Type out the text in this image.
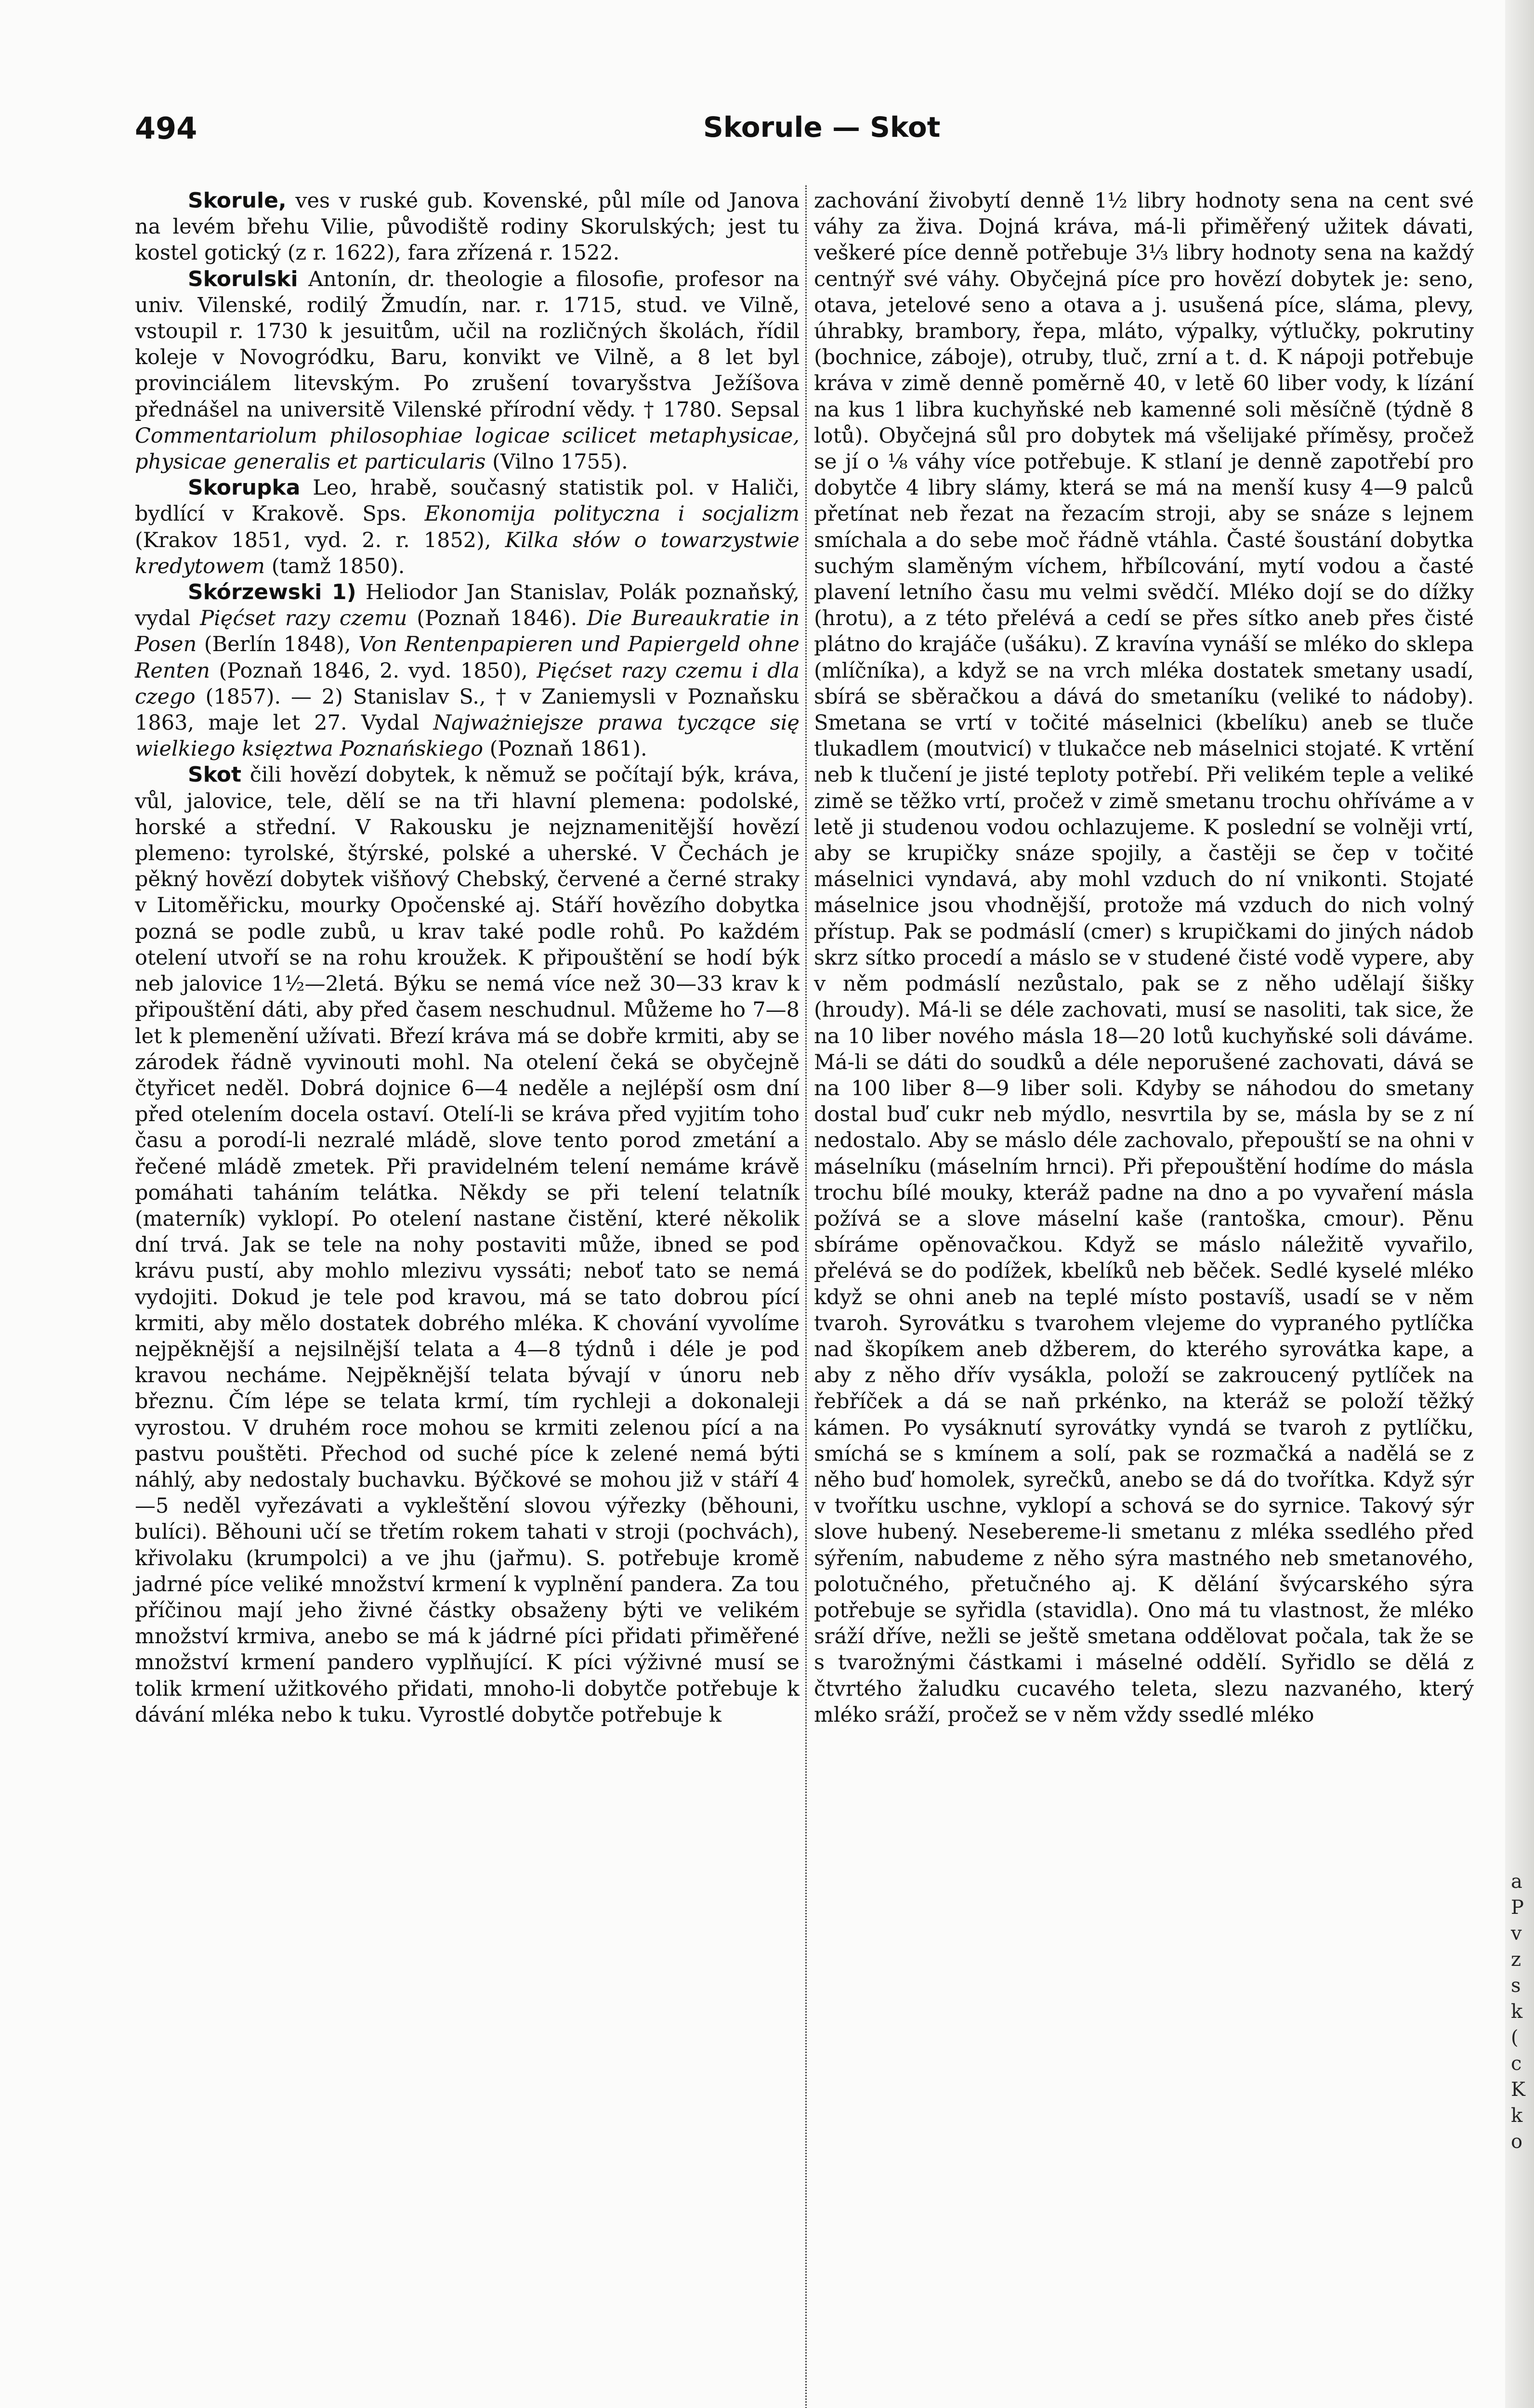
494	Skorule — Skot

Skorule, ves v ruské gub. Kovenské, půl míle od Janova na levém břehu Vilie, původiště rodiny Skorulských; jest tu kostel gotický (z r. 1622), fara zřízená r. 1522.

Skorulski Antonín, dr. theologie a filosofie, profesor na univ. Vilenské, rodilý Žmudín, nar. r. 1715, stud. ve Vilně, vstoupil r. 1730 k jesuitům, učil na rozličných školách, řídil koleje v Novogródku, Baru, konvikt ve Vilně, a 8 let byl provinciálem litevským. Po zrušení tovaryšstva Ježíšova přednášel na universitě Vilenské přírodní vědy. † 1780. Sepsal Commentariolum philosophiae logicae scilicet metaphysicae, physicae generalis et particularis (Vilno 1755).

Skorupka Leo, hrabě, současný statistik pol. v Haliči, bydlící v Krakově. Sps. Ekonomija polityczna i socjalizm (Krakov 1851, vyd. 2. r. 1852), Kilka słów o towarzystwie kredytowem (tamž 1850).

Skórzewski 1) Heliodor Jan Stanislav, Polák poznaňský, vydal Pięćset razy czemu (Poznaň 1846). Die Bureaukratie in Posen (Berlín 1848), Von Rentenpapieren und Papiergeld ohne Renten (Poznaň 1846, 2. vyd. 1850), Pięćset razy czemu i dla czego (1857). — 2) Stanislav S., † v Zaniemysli v Poznaňsku 1863, maje let 27. Vydal Najważniejsze prawa tyczące się wielkiego księztwa Poznańskiego (Poznaň 1861).

Skot čili hovězí dobytek, k němuž se počítají býk, kráva, vůl, jalovice, tele, dělí se na tři hlavní plemena: podolské, horské a střední. V Rakousku je nejznamenitější hovězí plemeno: tyrolské, štýrské, polské a uherské. V Čechách je pěkný hovězí dobytek višňový Chebský, červené a černé straky v Litoměřicku, mourky Opočenské aj. Stáří hovězího dobytka pozná se podle zubů, u krav také podle rohů. Po každém otelení utvoří se na rohu kroužek. K připouštění se hodí býk neb jalovice 1½—2letá. Býku se nemá více než 30—33 krav k připouštění dáti, aby před časem neschudnul. Můžeme ho 7—8 let k plemenění užívati. Březí kráva má se dobře krmiti, aby se zárodek řádně vyvinouti mohl. Na otelení čeká se obyčejně čtyřicet neděl. Dobrá dojnice 6—4 neděle a nejlépší osm dní před otelením docela ostaví. Otelí-li se kráva před vyjitím toho času a porodí-li nezralé mládě, slove tento porod zmetání a řečené mládě zmetek. Při pravidelném telení nemáme krávě pomáhati taháním telátka. Někdy se při telení telatník (materník) vyklopí. Po otelení nastane čistění, které několik dní trvá. Jak se tele na nohy postaviti může, ibned se pod krávu pustí, aby mohlo mlezivu vyssáti; neboť tato se nemá vydojiti. Dokud je tele pod kravou, má se tato dobrou pící krmiti, aby mělo dostatek dobrého mléka. K chování vyvolíme nejpěknější a nejsilnější telata a 4—8 týdnů i déle je pod kravou necháme. Nejpěknější telata bývají v únoru neb březnu. Čím lépe se telata krmí, tím rychleji a dokonaleji vyrostou. V druhém roce mohou se krmiti zelenou pící a na pastvu pouštěti. Přechod od suché píce k zelené nemá býti náhlý, aby nedostaly buchavku. Býčkové se mohou již v stáří 4—5 neděl vyřezávati a vykleštění slovou výřezky (běhouni, bulíci). Běhouni učí se třetím rokem tahati v stroji (pochvách), křivolaku (krumpolci) a ve jhu (jařmu). S. potřebuje kromě jadrné píce veliké množství krmení k vyplnění pandera. Za tou příčinou mají jeho živné částky obsaženy býti ve velikém množství krmiva, anebo se má k jádrné píci přidati přiměřené množství krmení pandero vyplňující. K píci výživné musí se tolik krmení užitkového přidati, mnoho-li dobytče potřebuje k dávání mléka nebo k tuku. Vyrostlé dobytče potřebuje k

zachování živobytí denně 1½ libry hodnoty sena na cent své váhy za živa. Dojná kráva, má-li přiměřený užitek dávati, veškeré píce denně potřebuje 3⅓ libry hodnoty sena na každý centnýř své váhy. Obyčejná píce pro hovězí dobytek je: seno, otava, jetelové seno a otava a j. usušená píce, sláma, plevy, úhrabky, brambory, řepa, mláto, výpalky, výtlučky, pokrutiny (bochnice, záboje), otruby, tluč, zrní a t. d. K nápoji potřebuje kráva v zimě denně poměrně 40, v letě 60 liber vody, k lízání na kus 1 libra kuchyňské neb kamenné soli měsíčně (týdně 8 lotů). Obyčejná sůl pro dobytek má všelijaké příměsy, pročež se jí o ⅛ váhy více potřebuje. K stlaní je denně zapotřebí pro dobytče 4 libry slámy, která se má na menší kusy 4—9 palců přetínat neb řezat na řezacím stroji, aby se snáze s lejnem smíchala a do sebe moč řádně vtáhla. Časté šoustání dobytka suchým slaměným víchem, hřbílcování, mytí vodou a časté plavení letního času mu velmi svědčí. Mléko dojí se do dížky (hrotu), a z této přelévá a cedí se přes sítko aneb přes čisté plátno do krajáče (ušáku). Z kravína vynáší se mléko do sklepa (mlíčníka), a když se na vrch mléka dostatek smetany usadí, sbírá se sběračkou a dává do smetaníku (veliké to nádoby). Smetana se vrtí v točité máselnici (kbelíku) aneb se tluče tlukadlem (moutvicí) v tlukačce neb máselnici stojaté. K vrtění neb k tlučení je jisté teploty potřebí. Při velikém teple a veliké zimě se těžko vrtí, pročež v zimě smetanu trochu ohříváme a v letě ji studenou vodou ochlazujeme. K poslední se volněji vrtí, aby se krupičky snáze spojily, a častěji se čep v točité máselnici vyndavá, aby mohl vzduch do ní vnikonti. Stojaté máselnice jsou vhodnější, protože má vzduch do nich volný přístup. Pak se podmáslí (cmer) s krupičkami do jiných nádob skrz sítko procedí a máslo se v studené čisté vodě vypere, aby v něm podmáslí nezůstalo, pak se z něho udělají šišky (hroudy). Má-li se déle zachovati, musí se nasoliti, tak sice, že na 10 liber nového másla 18—20 lotů kuchyňské soli dáváme. Má-li se dáti do soudků a déle neporušené zachovati, dává se na 100 liber 8—9 liber soli. Kdyby se náhodou do smetany dostal buď cukr neb mýdlo, nesvrtila by se, másla by se z ní nedostalo. Aby se máslo déle zachovalo, přepouští se na ohni v máselníku (máselním hrnci). Při přepouštění hodíme do másla trochu bílé mouky, kteráž padne na dno a po vyvaření másla požívá se a slove máselní kaše (rantoška, cmour). Pěnu sbíráme opěnovačkou. Když se máslo náležitě vyvařilo, přelévá se do podížek, kbelíků neb běček. Sedlé kyselé mléko když se ohni aneb na teplé místo postavíš, usadí se v něm tvaroh. Syrovátku s tvarohem vlejeme do vypraného pytlíčka nad škopíkem aneb džberem, do kterého syrovátka kape, a aby z něho dřív vysákla, položí se zakroucený pytlíček na řebříček a dá se naň prkénko, na kteráž se položí těžký kámen. Po vysáknutí syrovátky vyndá se tvaroh z pytlíčku, smíchá se s kmínem a solí, pak se rozmačká a nadělá se z něho buď homolek, syrečků, anebo se dá do tvořítka. Když sýr v tvořítku uschne, vyklopí a schová se do syrnice. Takový sýr slove hubený. Nesebereme-li smetanu z mléka ssedlého před sýřením, nabudeme z něho sýra mastného neb smetanového, polotučného, přetučného aj. K dělání švýcarského sýra potřebuje se syřidla (stavidla). Ono má tu vlastnost, že mléko sráží dříve, nežli se ještě smetana oddělovat počala, tak že se s tvarožnými částkami i máselné oddělí. Syřidlo se dělá z čtvrtého žaludku cucavého teleta, slezu nazvaného, který mléko sráží, pročež se v něm vždy ssedlé mléko

a
P
v
z
s
k
(
c
K
k
o
